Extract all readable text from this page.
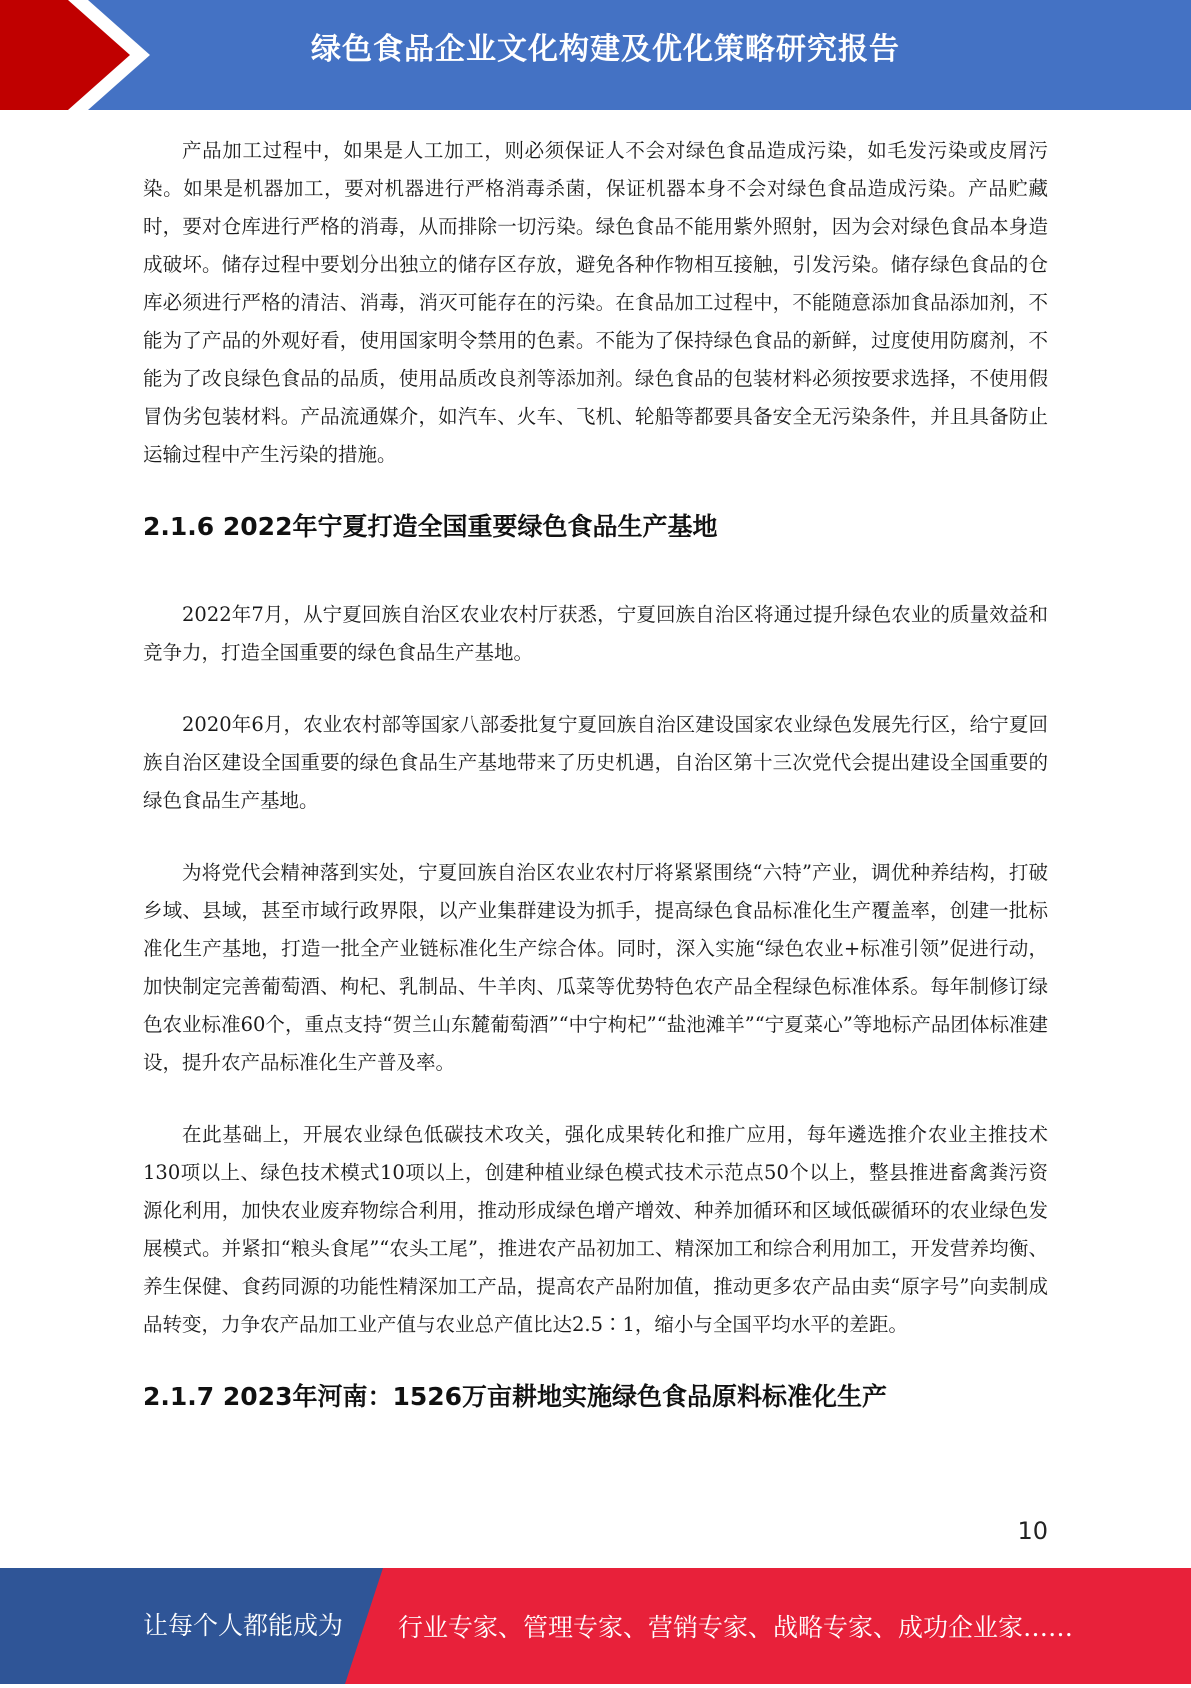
绿色食品企业文化构建及优化策略研究报告

产品加工过程中，如果是人工加工，则必须保证人不会对绿色食品造成污染，如毛发污染或皮屑污染。如果是机器加工，要对机器进行严格消毒杀菌，保证机器本身不会对绿色食品造成污染。产品贮藏时，要对仓库进行严格的消毒，从而排除一切污染。绿色食品不能用紫外照射，因为会对绿色食品本身造成破坏。储存过程中要划分出独立的储存区存放，避免各种作物相互接触，引发污染。储存绿色食品的仓库必须进行严格的清洁、消毒，消灭可能存在的污染。在食品加工过程中，不能随意添加食品添加剂，不能为了产品的外观好看，使用国家明令禁用的色素。不能为了保持绿色食品的新鲜，过度使用防腐剂，不能为了改良绿色食品的品质，使用品质改良剂等添加剂。绿色食品的包装材料必须按要求选择，不使用假冒伪劣包装材料。产品流通媒介，如汽车、火车、飞机、轮船等都要具备安全无污染条件，并且具备防止运输过程中产生污染的措施。

2.1.6 2022年宁夏打造全国重要绿色食品生产基地

2022年7月，从宁夏回族自治区农业农村厅获悉，宁夏回族自治区将通过提升绿色农业的质量效益和竞争力，打造全国重要的绿色食品生产基地。

2020年6月，农业农村部等国家八部委批复宁夏回族自治区建设国家农业绿色发展先行区，给宁夏回族自治区建设全国重要的绿色食品生产基地带来了历史机遇，自治区第十三次党代会提出建设全国重要的绿色食品生产基地。

为将党代会精神落到实处，宁夏回族自治区农业农村厅将紧紧围绕“六特”产业，调优种养结构，打破乡域、县域，甚至市域行政界限，以产业集群建设为抓手，提高绿色食品标准化生产覆盖率，创建一批标准化生产基地，打造一批全产业链标准化生产综合体。同时，深入实施“绿色农业+标准引领”促进行动，加快制定完善葡萄酒、枸杞、乳制品、牛羊肉、瓜菜等优势特色农产品全程绿色标准体系。每年制修订绿色农业标准60个，重点支持“贺兰山东麓葡萄酒”“中宁枸杞”“盐池滩羊”“宁夏菜心”等地标产品团体标准建设，提升农产品标准化生产普及率。

在此基础上，开展农业绿色低碳技术攻关，强化成果转化和推广应用，每年遴选推介农业主推技术130项以上、绿色技术模式10项以上，创建种植业绿色模式技术示范点50个以上，整县推进畜禽粪污资源化利用，加快农业废弃物综合利用，推动形成绿色增产增效、种养加循环和区域低碳循环的农业绿色发展模式。并紧扣“粮头食尾”“农头工尾”，推进农产品初加工、精深加工和综合利用加工，开发营养均衡、养生保健、食药同源的功能性精深加工产品，提高农产品附加值，推动更多农产品由卖“原字号”向卖制成品转变，力争农产品加工业产值与农业总产值比达2.5∶1，缩小与全国平均水平的差距。

2.1.7 2023年河南：1526万亩耕地实施绿色食品原料标准化生产
10
让每个人都能成为 行业专家、管理专家、营销专家、战略专家、成功企业家……
